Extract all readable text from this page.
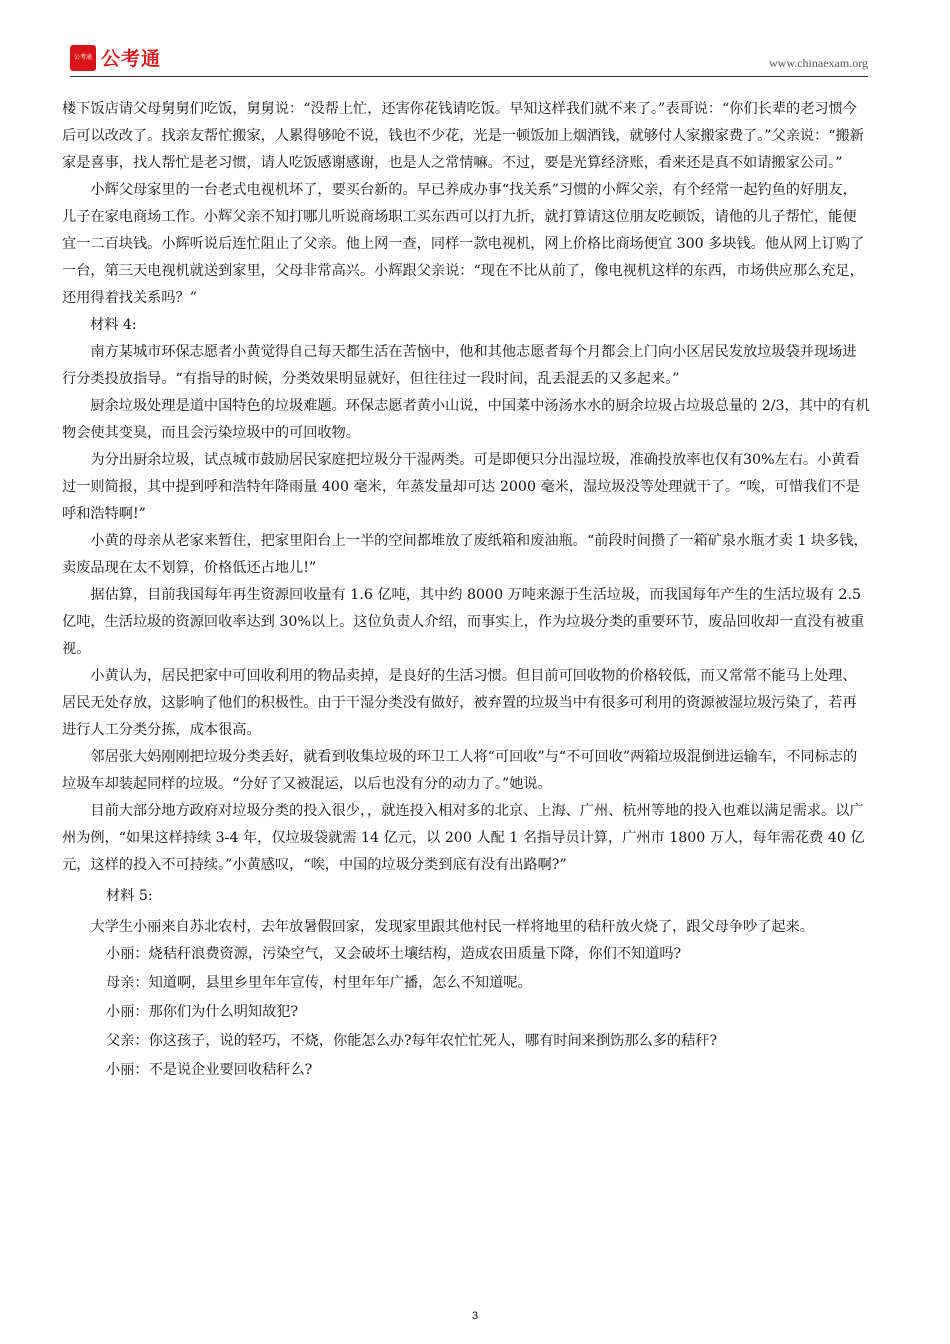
公考通 公考通	www.chinaexam.org

楼下饭店请父母舅舅们吃饭，舅舅说：“没帮上忙，还害你花钱请吃饭。早知这样我们就不来了。”表哥说：“你们长辈的老习惯今后可以改改了。找亲友帮忙搬家，人累得够呛不说，钱也不少花，光是一顿饭加上烟酒钱，就够付人家搬家费了。”父亲说：“搬新家是喜事，找人帮忙是老习惯，请人吃饭感谢感谢，也是人之常情嘛。不过，要是光算经济账，看来还是真不如请搬家公司。”

小辉父母家里的一台老式电视机坏了，要买台新的。早已养成办事“找关系”习惯的小辉父亲，有个经常一起钓鱼的好朋友，儿子在家电商场工作。小辉父亲不知打哪儿听说商场职工买东西可以打九折，就打算请这位朋友吃顿饭，请他的儿子帮忙，能便宜一二百块钱。小辉听说后连忙阻止了父亲。他上网一查，同样一款电视机，网上价格比商场便宜 300 多块钱。他从网上订购了一台，第三天电视机就送到家里，父母非常高兴。小辉跟父亲说：“现在不比从前了，像电视机这样的东西，市场供应那么充足，还用得着找关系吗？”

材料 4:

南方某城市环保志愿者小黄觉得自己每天都生活在苦恼中，他和其他志愿者每个月都会上门向小区居民发放垃圾袋并现场进行分类投放指导。“有指导的时候，分类效果明显就好，但往往过一段时间，乱丢混丢的又多起来。”

厨余垃圾处理是道中国特色的垃圾难题。环保志愿者黄小山说，中国菜中汤汤水水的厨余垃圾占垃圾总量的 2/3，其中的有机物会使其变臭，而且会污染垃圾中的可回收物。

为分出厨余垃圾，试点城市鼓励居民家庭把垃圾分干湿两类。可是即便只分出湿垃圾，准确投放率也仅有30%左右。小黄看过一则简报，其中提到呼和浩特年降雨量 400 毫米，年蒸发量却可达 2000 毫米，湿垃圾没等处理就干了。“唉，可惜我们不是呼和浩特啊!”

小黄的母亲从老家来暂住，把家里阳台上一半的空间都堆放了废纸箱和废油瓶。“前段时间攒了一箱矿泉水瓶才卖 1 块多钱，卖废品现在太不划算，价格低还占地儿!”

据估算，目前我国每年再生资源回收量有 1.6 亿吨，其中约 8000 万吨来源于生活垃圾，而我国每年产生的生活垃圾有 2.5 亿吨，生活垃圾的资源回收率达到 30%以上。这位负责人介绍，而事实上，作为垃圾分类的重要环节，废品回收却一直没有被重视。

小黄认为，居民把家中可回收利用的物品卖掉，是良好的生活习惯。但目前可回收物的价格较低，而又常常不能马上处理、居民无处存放，这影响了他们的积极性。由于干湿分类没有做好，被弃置的垃圾当中有很多可利用的资源被湿垃圾污染了，若再进行人工分类分拣，成本很高。

邻居张大妈刚刚把垃圾分类丢好，就看到收集垃圾的环卫工人将“可回收”与“不可回收”两箱垃圾混倒进运输车，不同标志的垃圾车却装起同样的垃圾。“分好了又被混运，以后也没有分的动力了。”她说。

目前大部分地方政府对垃圾分类的投入很少，，就连投入相对多的北京、上海、广州、杭州等地的投入也难以满足需求。以广州为例，“如果这样持续 3-4 年，仅垃圾袋就需 14 亿元，以 200 人配 1 名指导员计算，广州市 1800 万人，每年需花费 40 亿元，这样的投入不可持续。”小黄感叹，“唉，中国的垃圾分类到底有没有出路啊?”

材料 5:

大学生小丽来自苏北农村，去年放暑假回家，发现家里跟其他村民一样将地里的秸秆放火烧了，跟父母争吵了起来。

小丽：烧秸秆浪费资源，污染空气，又会破坏土壤结构，造成农田质量下降，你们不知道吗?

母亲：知道啊，县里乡里年年宣传，村里年年广播，怎么不知道呢。

小丽：那你们为什么明知故犯?

父亲：你这孩子，说的轻巧，不烧，你能怎么办?每年农忙忙死人，哪有时间来捯饬那么多的秸秆?

小丽：不是说企业要回收秸秆么?

3
